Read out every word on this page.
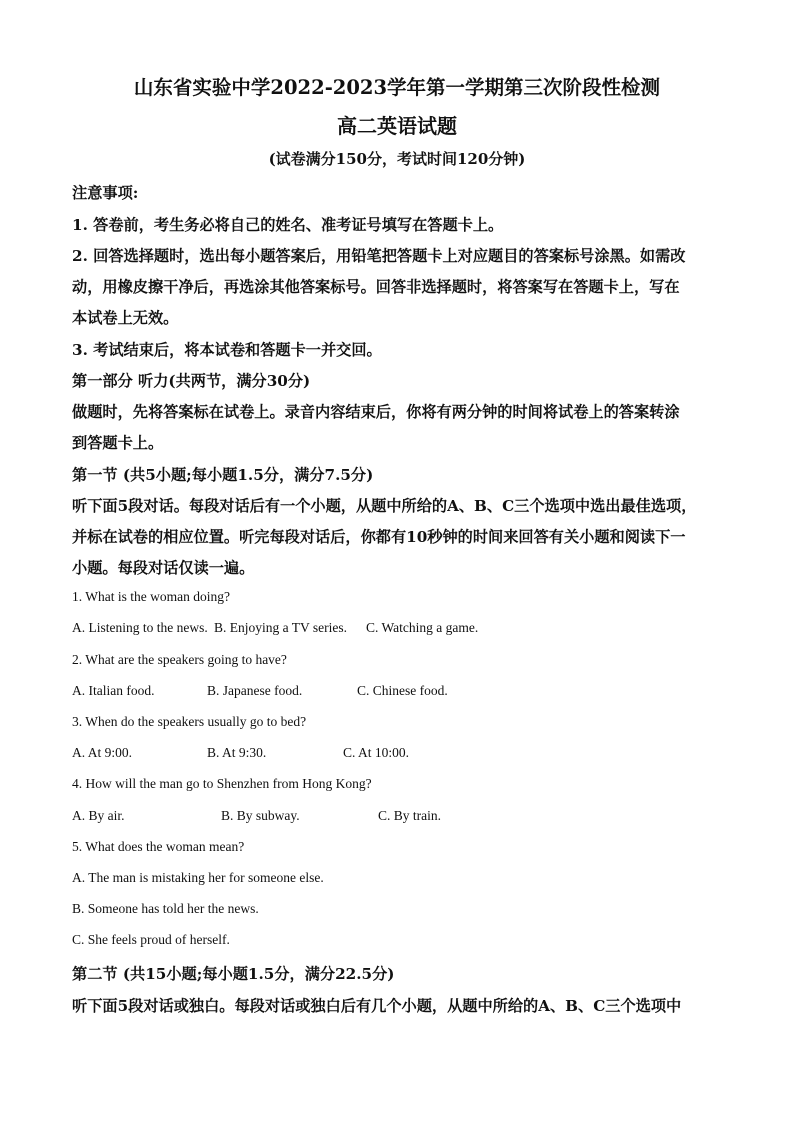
山东省实验中学2022-2023学年第一学期第三次阶段性检测
高二英语试题
(试卷满分150分，考试时间120分钟)
注意事项:
1. 答卷前，考生务必将自己的姓名、准考证号填写在答题卡上。
2. 回答选择题时，选出每小题答案后，用铅笔把答题卡上对应题目的答案标号涂黑。如需改
动，用橡皮擦干净后，再选涂其他答案标号。回答非选择题时，将答案写在答题卡上，写在
本试卷上无效。
3. 考试结束后，将本试卷和答题卡一并交回。
第一部分 听力(共两节，满分30分)
做题时，先将答案标在试卷上。录音内容结束后，你将有两分钟的时间将试卷上的答案转涂
到答题卡上。
第一节 (共5小题;每小题1.5分，满分7.5分)
听下面5段对话。每段对话后有一个小题，从题中所给的A、B、C三个选项中选出最佳选项，
并标在试卷的相应位置。听完每段对话后，你都有10秒钟的时间来回答有关小题和阅读下一
小题。每段对话仅读一遍。
1. What is the woman doing?
A. Listening to the news. B. Enjoying a TV series. C. Watching a game.
2. What are the speakers going to have?
A. Italian food.	B. Japanese food.	C. Chinese food.
3. When do the speakers usually go to bed?
A. At 9:00.	B. At 9:30.	C. At 10:00.
4. How will the man go to Shenzhen from Hong Kong?
A. By air.	B. By subway.	C. By train.
5. What does the woman mean?
A. The man is mistaking her for someone else.
B. Someone has told her the news.
C. She feels proud of herself.
第二节 (共15小题;每小题1.5分，满分22.5分)
听下面5段对话或独白。每段对话或独白后有几个小题，从题中所给的A、B、C三个选项中
